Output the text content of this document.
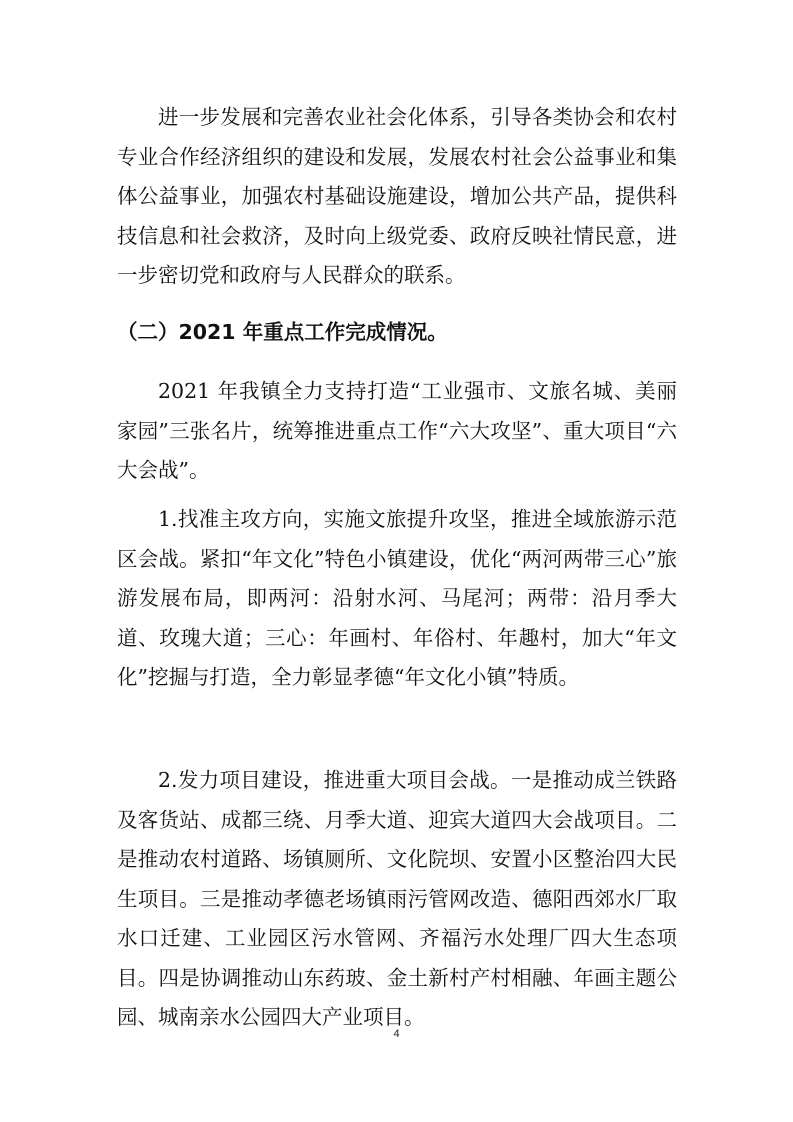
进一步发展和完善农业社会化体系，引导各类协会和农村专业合作经济组织的建设和发展，发展农村社会公益事业和集体公益事业，加强农村基础设施建设，增加公共产品，提供科技信息和社会救济，及时向上级党委、政府反映社情民意，进一步密切党和政府与人民群众的联系。

（二）2021 年重点工作完成情况。

2021 年我镇全力支持打造“工业强市、文旅名城、美丽家园”三张名片，统筹推进重点工作“六大攻坚”、重大项目“六大会战”。

1.找准主攻方向，实施文旅提升攻坚，推进全域旅游示范区会战。紧扣“年文化”特色小镇建设，优化“两河两带三心”旅游发展布局，即两河：沿射水河、马尾河；两带：沿月季大道、玫瑰大道；三心：年画村、年俗村、年趣村，加大“年文化”挖掘与打造，全力彰显孝德“年文化小镇”特质。

2.发力项目建设，推进重大项目会战。一是推动成兰铁路及客货站、成都三绕、月季大道、迎宾大道四大会战项目。二是推动农村道路、场镇厕所、文化院坝、安置小区整治四大民生项目。三是推动孝德老场镇雨污管网改造、德阳西郊水厂取水口迁建、工业园区污水管网、齐福污水处理厂四大生态项目。四是协调推动山东药玻、金土新村产村相融、年画主题公园、城南亲水公园四大产业项目。

4
